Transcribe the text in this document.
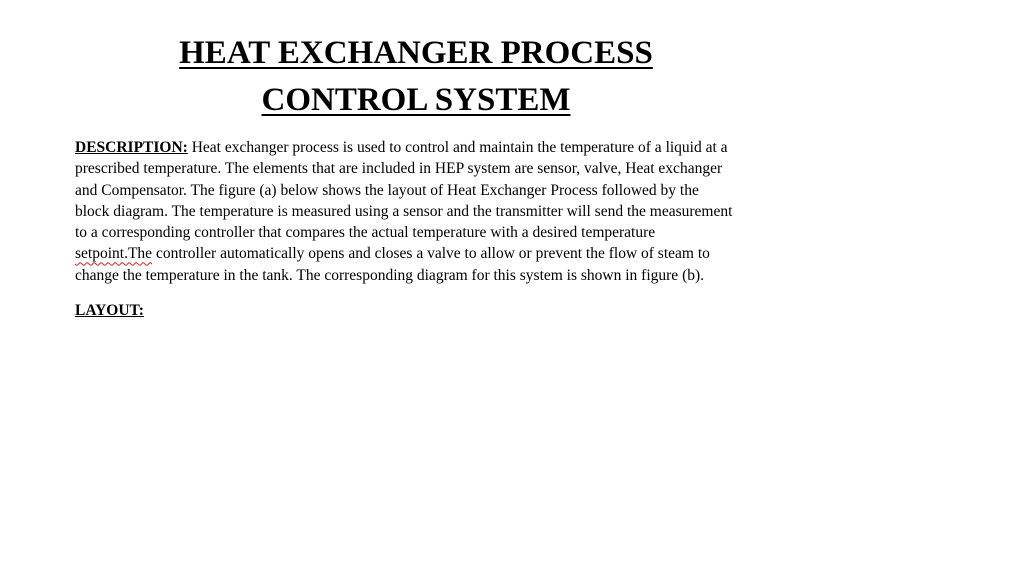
HEAT EXCHANGER PROCESS
CONTROL SYSTEM
DESCRIPTION: Heat exchanger process is used to control and maintain the temperature of a liquid at a
prescribed temperature. The elements that are included in HEP system are sensor, valve, Heat exchanger
and Compensator. The figure (a) below shows the layout of Heat Exchanger Process followed by the
block diagram. The temperature is measured using a sensor and the transmitter will send the measurement
to a corresponding controller that compares the actual temperature with a desired temperature
setpoint.The controller automatically opens and closes a valve to allow or prevent the flow of steam to
change the temperature in the tank. The corresponding diagram for this system is shown in figure (b).
LAYOUT:
